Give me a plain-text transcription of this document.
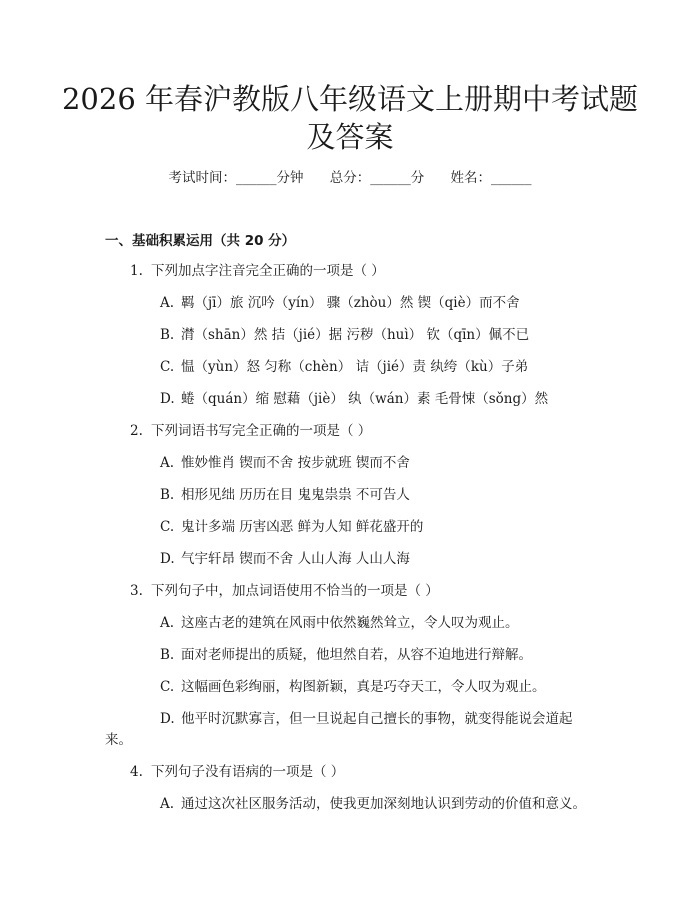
2026 年春沪教版八年级语文上册期中考试题
及答案
考试时间：______分钟 总分：______分 姓名：______
一、基础积累运用（共 20 分）
1. 下列加点字注音完全正确的一项是（ ）
A. 羁（jī）旅 沉吟（yín） 骤（zhòu）然 锲（qiè）而不舍
B. 潸（shān）然 拮（jié）据 污秽（huì） 钦（qīn）佩不已
C. 愠（yùn）怒 匀称（chèn） 诘（jié）责 纨绔（kù）子弟
D. 蜷（quán）缩 慰藉（jiè） 纨（wán）素 毛骨悚（sǒng）然
2. 下列词语书写完全正确的一项是（ ）
A. 惟妙惟肖 锲而不舍 按步就班 锲而不舍
B. 相形见绌 历历在目 鬼鬼祟祟 不可告人
C. 鬼计多端 历害凶恶 鲜为人知 鲜花盛开的
D. 气宇轩昂 锲而不舍 人山人海 人山人海
3. 下列句子中，加点词语使用不恰当的一项是（ ）
A. 这座古老的建筑在风雨中依然巍然耸立，令人叹为观止。
B. 面对老师提出的质疑，他坦然自若，从容不迫地进行辩解。
C. 这幅画色彩绚丽，构图新颖，真是巧夺天工，令人叹为观止。
D. 他平时沉默寡言，但一旦说起自己擅长的事物，就变得能说会道起
来。
4. 下列句子没有语病的一项是（ ）
A. 通过这次社区服务活动，使我更加深刻地认识到劳动的价值和意义。
